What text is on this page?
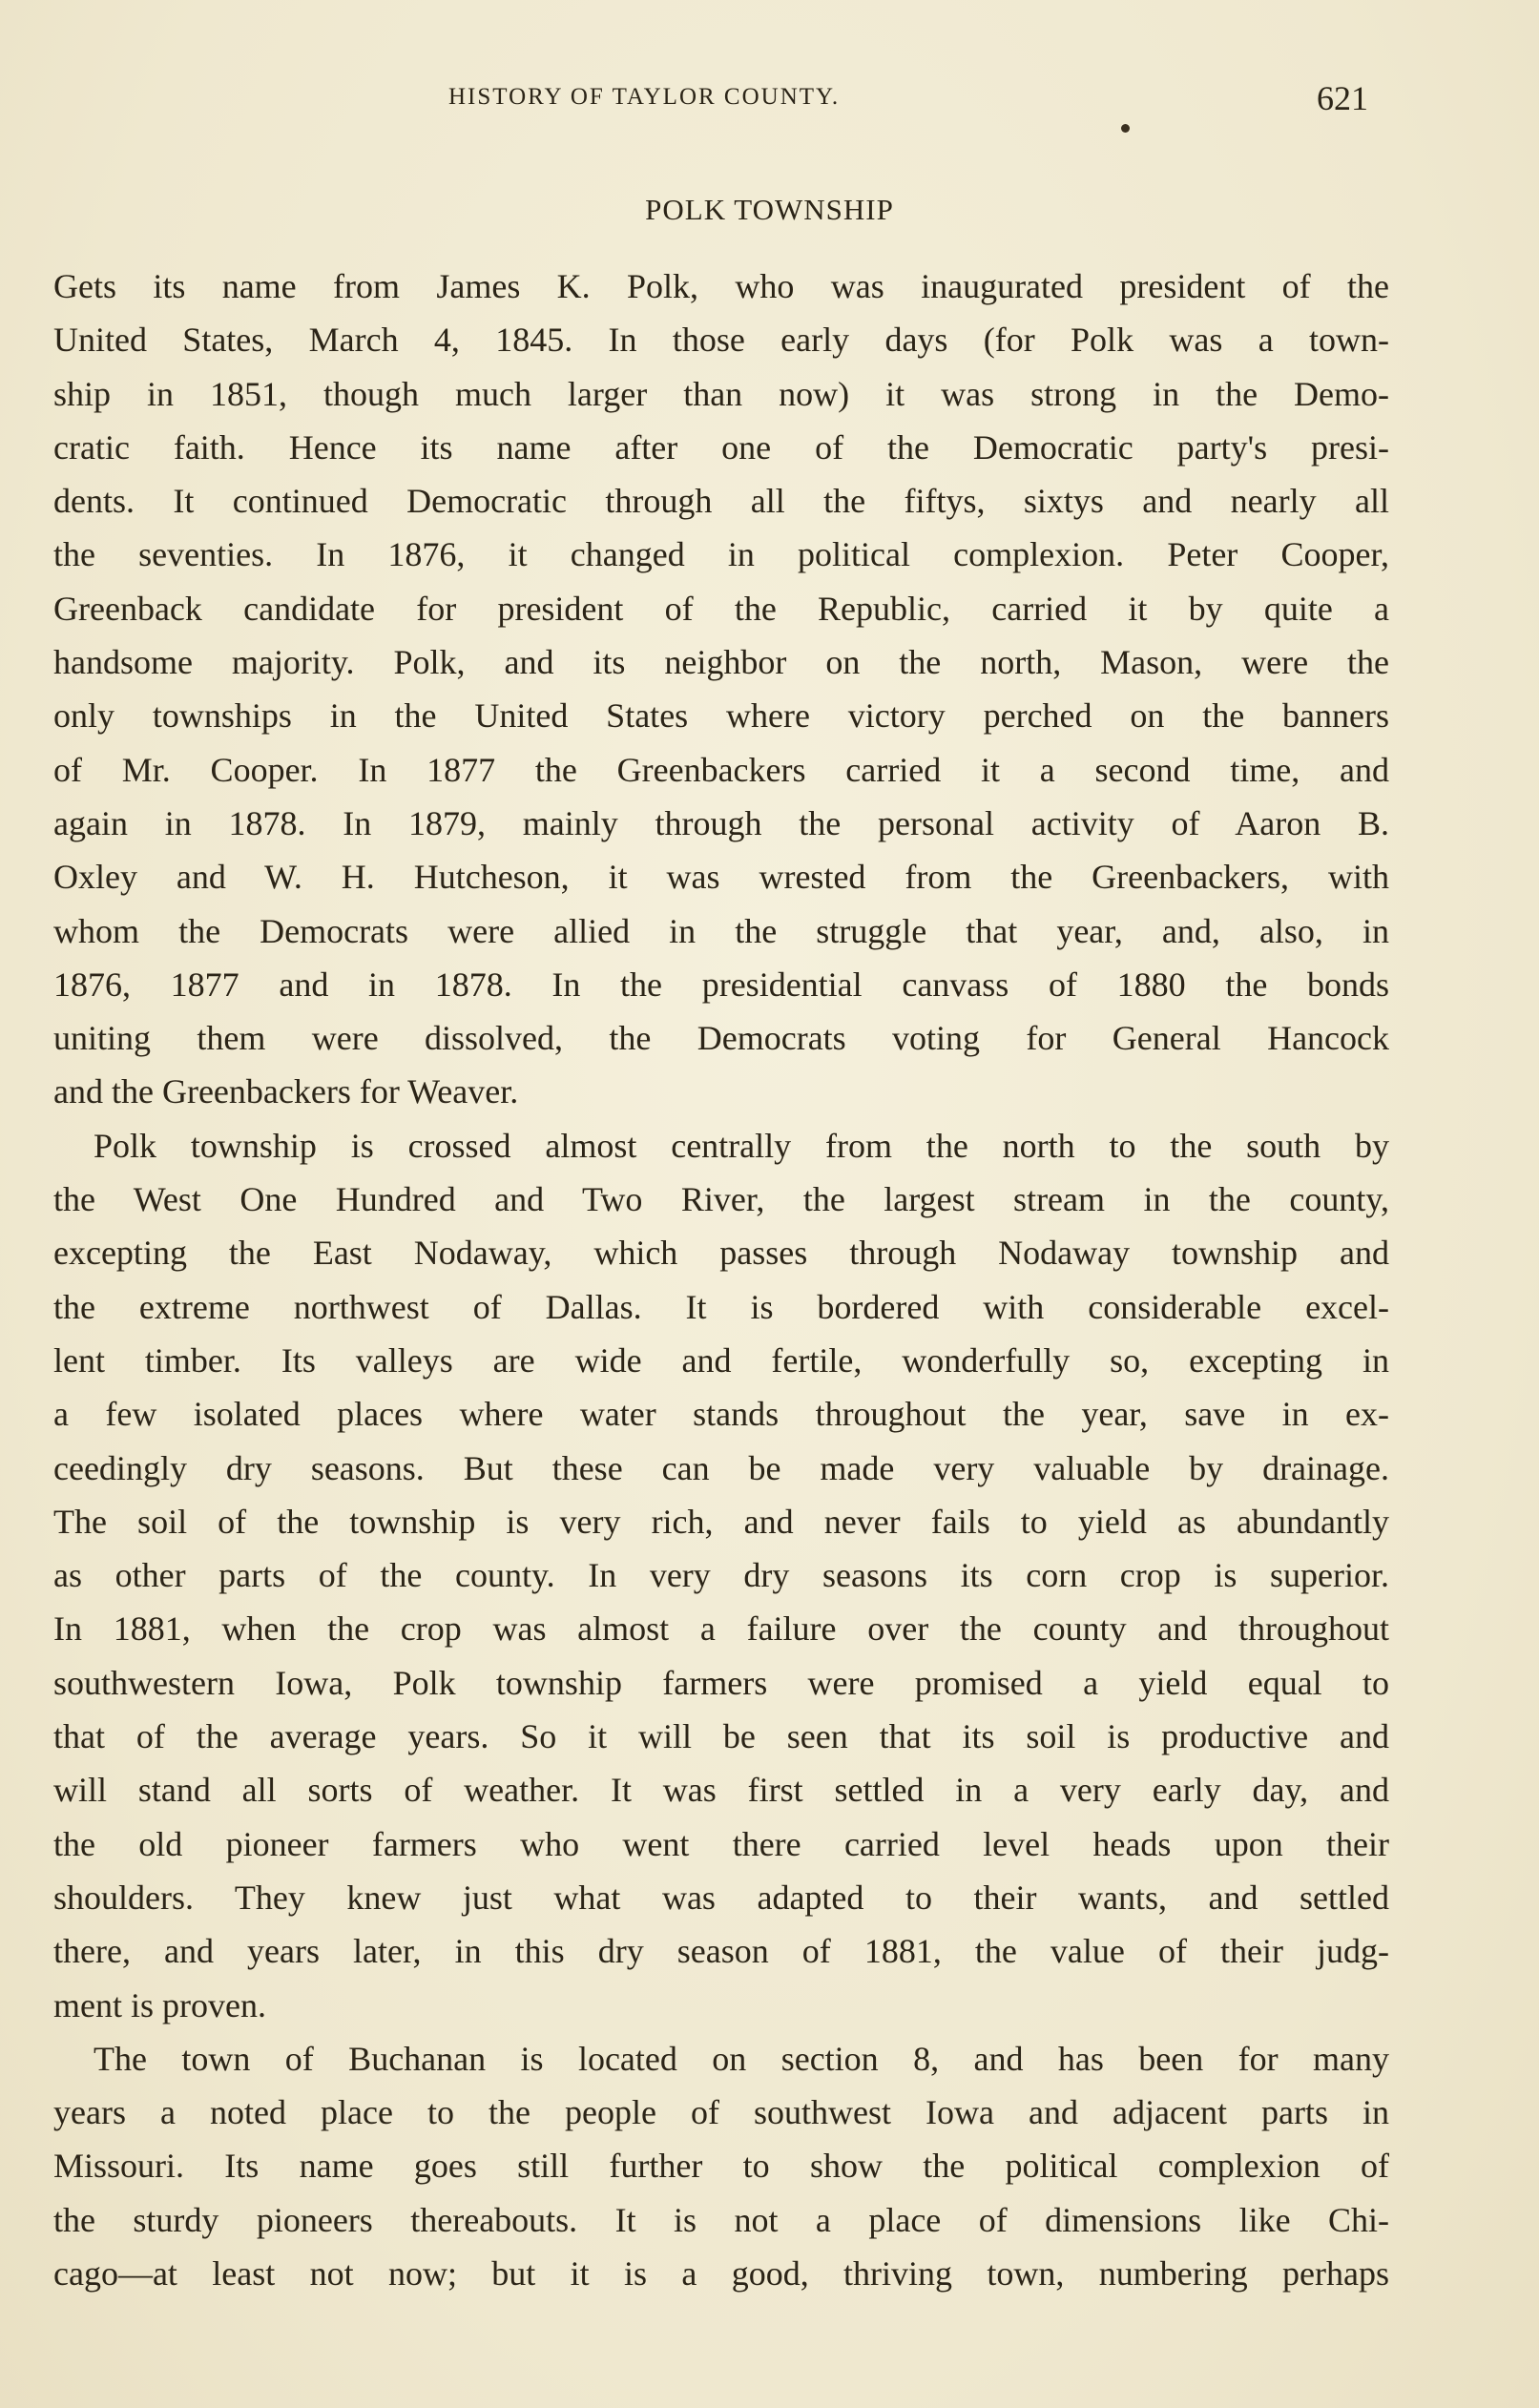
HISTORY OF TAYLOR COUNTY.	621
POLK TOWNSHIP
Gets its name from James K. Polk, who was inaugurated president of the
United States, March 4, 1845. In those early days (for Polk was a town-
ship in 1851, though much larger than now) it was strong in the Demo-
cratic faith. Hence its name after one of the Democratic party's presi-
dents. It continued Democratic through all the fiftys, sixtys and nearly all
the seventies. In 1876, it changed in political complexion. Peter Cooper,
Greenback candidate for president of the Republic, carried it by quite a
handsome majority. Polk, and its neighbor on the north, Mason, were the
only townships in the United States where victory perched on the banners
of Mr. Cooper. In 1877 the Greenbackers carried it a second time, and
again in 1878. In 1879, mainly through the personal activity of Aaron B.
Oxley and W. H. Hutcheson, it was wrested from the Greenbackers, with
whom the Democrats were allied in the struggle that year, and, also, in
1876, 1877 and in 1878. In the presidential canvass of 1880 the bonds
uniting them were dissolved, the Democrats voting for General Hancock
and the Greenbackers for Weaver.
Polk township is crossed almost centrally from the north to the south by
the West One Hundred and Two River, the largest stream in the county,
excepting the East Nodaway, which passes through Nodaway township and
the extreme northwest of Dallas. It is bordered with considerable excel-
lent timber. Its valleys are wide and fertile, wonderfully so, excepting in
a few isolated places where water stands throughout the year, save in ex-
ceedingly dry seasons. But these can be made very valuable by drainage.
The soil of the township is very rich, and never fails to yield as abundantly
as other parts of the county. In very dry seasons its corn crop is superior.
In 1881, when the crop was almost a failure over the county and throughout
southwestern Iowa, Polk township farmers were promised a yield equal to
that of the average years. So it will be seen that its soil is productive and
will stand all sorts of weather. It was first settled in a very early day, and
the old pioneer farmers who went there carried level heads upon their
shoulders. They knew just what was adapted to their wants, and settled
there, and years later, in this dry season of 1881, the value of their judg-
ment is proven.
The town of Buchanan is located on section 8, and has been for many
years a noted place to the people of southwest Iowa and adjacent parts in
Missouri. Its name goes still further to show the political complexion of
the sturdy pioneers thereabouts. It is not a place of dimensions like Chi-
cago—at least not now; but it is a good, thriving town, numbering perhaps
